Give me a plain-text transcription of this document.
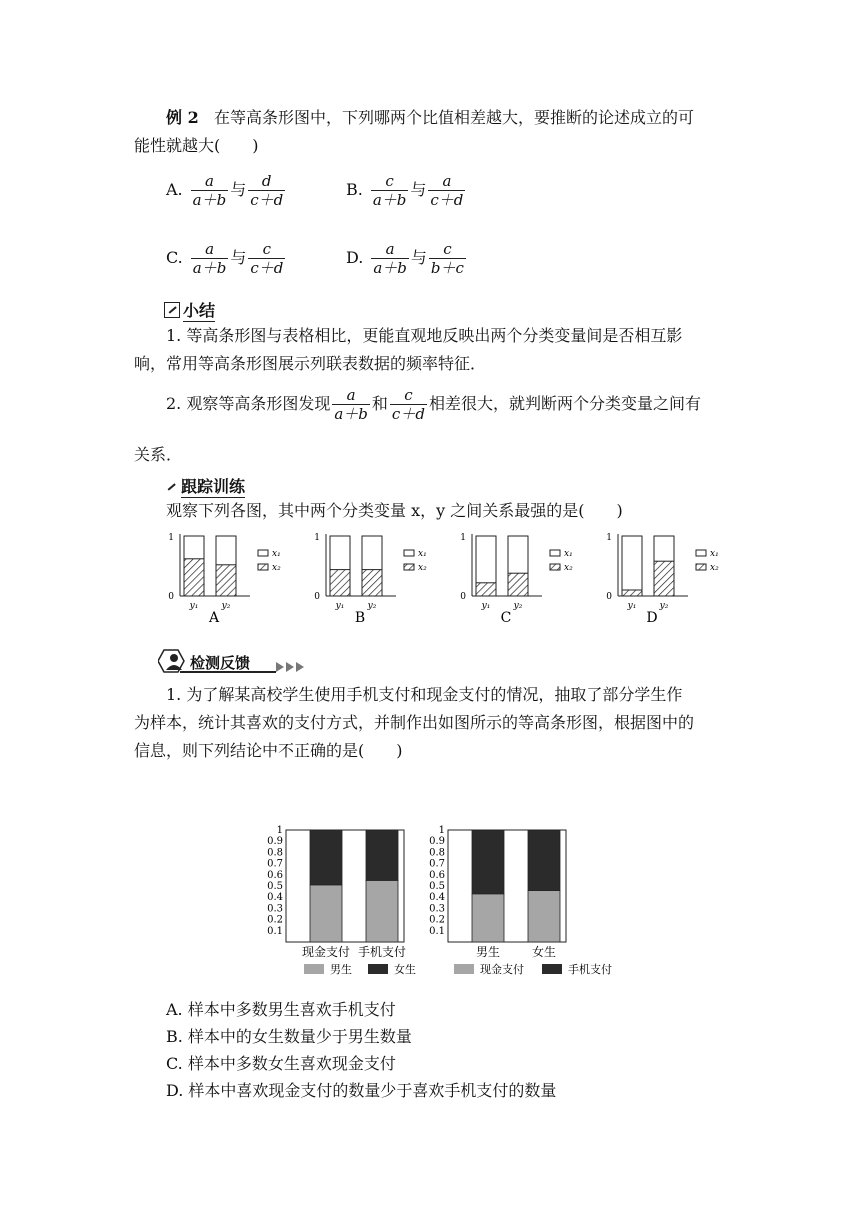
例 2 在等高条形图中，下列哪两个比值相差越大，要推断的论述成立的可
能性就越大(　　)
A. $\frac{a}{a+b}$ 与 $\frac{d}{c+d}$	B. $\frac{c}{a+b}$ 与 $\frac{a}{c+d}$
C. $\frac{a}{a+b}$ 与 $\frac{c}{c+d}$	D. $\frac{a}{a+b}$ 与 $\frac{c}{b+c}$
小结
1. 等高条形图与表格相比，更能直观地反映出两个分类变量间是否相互影
响，常用等高条形图展示列联表数据的频率特征．
2. 观察等高条形图发现 $\frac{a}{a+b}$ 和 $\frac{c}{c+d}$ 相差很大，就判断两个分类变量之间有
关系．
跟踪训练
观察下列各图，其中两个分类变量 x，y 之间关系最强的是(　　)
1
0
y₁	y₂
x₁
x₂
A
1
0
y₁	y₂
x₁
x₂
B
1
0
y₁	y₂
x₁
x₂
C
1
0
y₁	y₂
x₁
x₂
D
检测反馈
1. 为了解某高校学生使用手机支付和现金支付的情况，抽取了部分学生作
为样本，统计其喜欢的支付方式，并制作出如图所示的等高条形图，根据图中的
信息，则下列结论中不正确的是(　　)
0.1
0.2
0.3
0.4
0.5
0.6
0.7
0.8
0.9
1
现金支付 手机支付
男生	女生
0.1
0.2
0.3
0.4
0.5
0.6
0.7
0.8
0.9
1
男生	女生
现金支付	手机支付
A. 样本中多数男生喜欢手机支付
B. 样本中的女生数量少于男生数量
C. 样本中多数女生喜欢现金支付
D. 样本中喜欢现金支付的数量少于喜欢手机支付的数量
